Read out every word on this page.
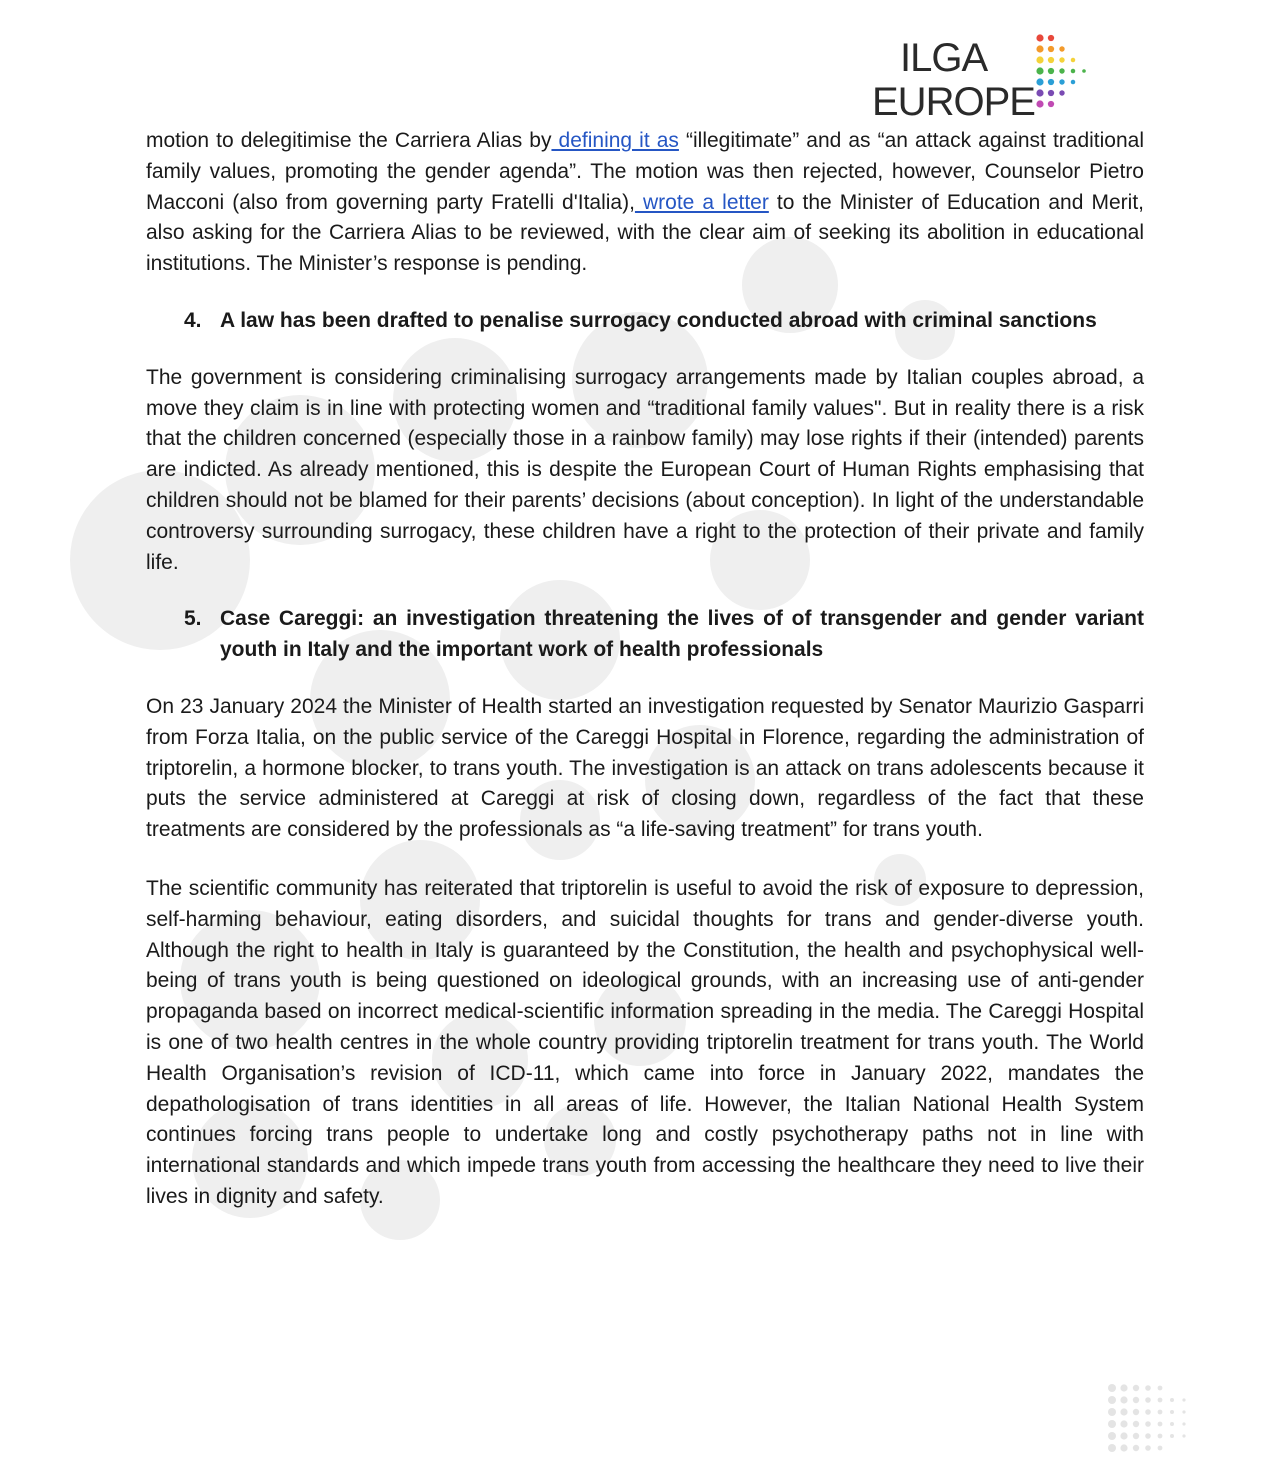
ILGA
EUROPE

motion to delegitimise the Carriera Alias by defining it as “illegitimate” and as “an attack against traditional family values, promoting the gender agenda”. The motion was then rejected, however, Counselor Pietro Macconi (also from governing party Fratelli d'Italia), wrote a letter to the Minister of Education and Merit, also asking for the Carriera Alias to be reviewed, with the clear aim of seeking its abolition in educational institutions. The Minister’s response is pending.

4. A law has been drafted to penalise surrogacy conducted abroad with criminal sanctions

The government is considering criminalising surrogacy arrangements made by Italian couples abroad, a move they claim is in line with protecting women and “traditional family values". But in reality there is a risk that the children concerned (especially those in a rainbow family) may lose rights if their (intended) parents are indicted. As already mentioned, this is despite the European Court of Human Rights emphasising that children should not be blamed for their parents’ decisions (about conception). In light of the understandable controversy surrounding surrogacy, these children have a right to the protection of their private and family life.

5. Case Careggi: an investigation threatening the lives of of transgender and gender variant youth in Italy and the important work of health professionals

On 23 January 2024 the Minister of Health started an investigation requested by Senator Maurizio Gasparri from Forza Italia, on the public service of the Careggi Hospital in Florence, regarding the administration of triptorelin, a hormone blocker, to trans youth. The investigation is an attack on trans adolescents because it puts the service administered at Careggi at risk of closing down, regardless of the fact that these treatments are considered by the professionals as “a life-saving treatment” for trans youth.

The scientific community has reiterated that triptorelin is useful to avoid the risk of exposure to depression, self-harming behaviour, eating disorders, and suicidal thoughts for trans and gender-diverse youth. Although the right to health in Italy is guaranteed by the Constitution, the health and psychophysical well-being of trans youth is being questioned on ideological grounds, with an increasing use of anti-gender propaganda based on incorrect medical-scientific information spreading in the media. The Careggi Hospital is one of two health centres in the whole country providing triptorelin treatment for trans youth. The World Health Organisation’s revision of ICD-11, which came into force in January 2022, mandates the depathologisation of trans identities in all areas of life. However, the Italian National Health System continues forcing trans people to undertake long and costly psychotherapy paths not in line with international standards and which impede trans youth from accessing the healthcare they need to live their lives in dignity and safety.
